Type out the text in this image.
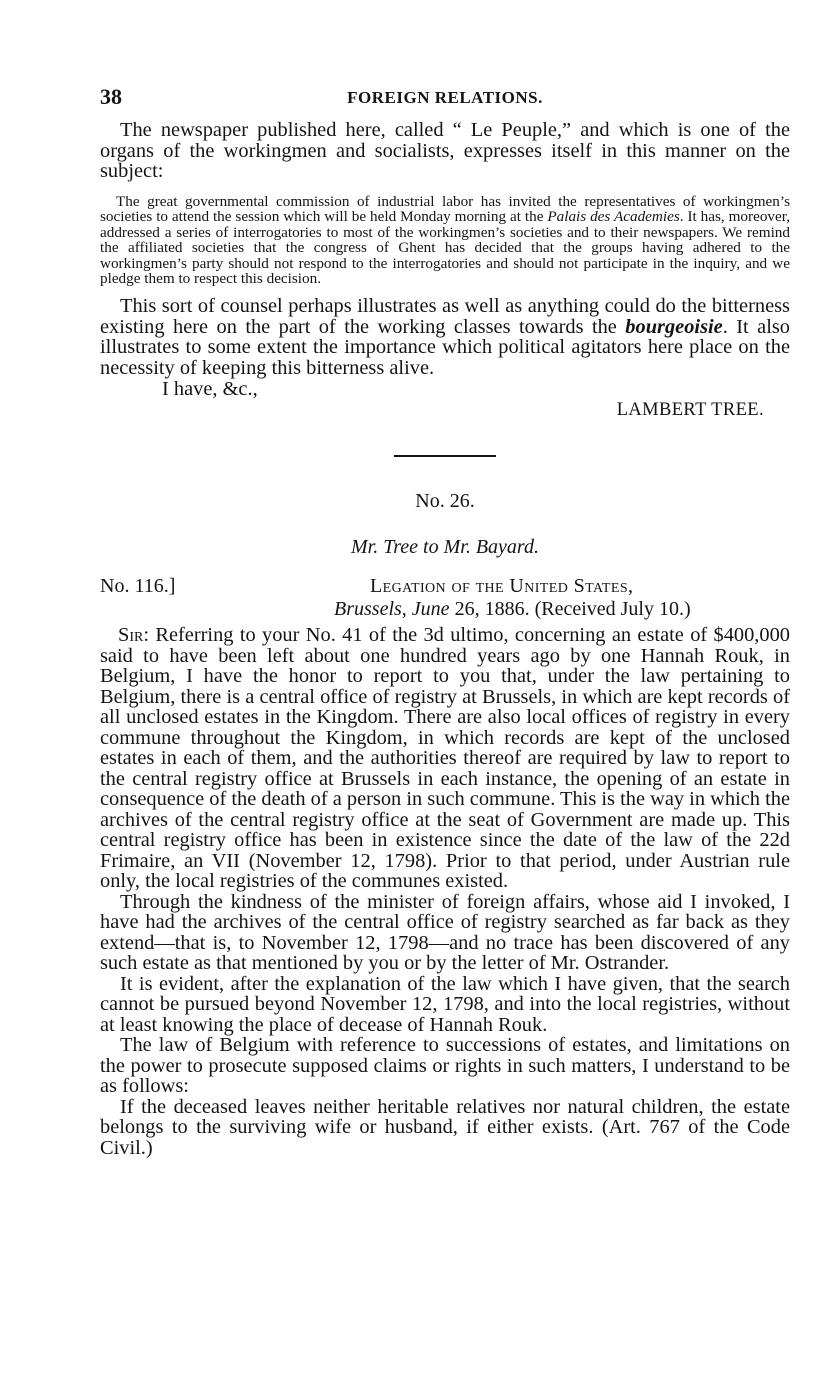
38	FOREIGN RELATIONS.

The newspaper published here, called “ Le Peuple,” and which is one of the organs of the workingmen and socialists, expresses itself in this manner on the subject:

The great governmental commission of industrial labor has invited the representatives of workingmen’s societies to attend the session which will be held Monday morning at the Palais des Academies. It has, moreover, addressed a series of interrogatories to most of the workingmen’s societies and to their newspapers. We remind the affiliated societies that the congress of Ghent has decided that the groups having adhered to the workingmen’s party should not respond to the interrogatories and should not participate in the inquiry, and we pledge them to respect this decision.

This sort of counsel perhaps illustrates as well as anything could do the bitterness existing here on the part of the working classes towards the bourgeoisie. It also illustrates to some extent the importance which political agitators here place on the necessity of keeping this bitterness alive.

I have, &c.,

LAMBERT TREE.

No. 26.

Mr. Tree to Mr. Bayard.

No. 116.]	Legation of the United States,
Brussels, June 26, 1886. (Received July 10.)

Sir: Referring to your No. 41 of the 3d ultimo, concerning an estate of $400,000 said to have been left about one hundred years ago by one Hannah Rouk, in Belgium, I have the honor to report to you that, under the law pertaining to Belgium, there is a central office of registry at Brussels, in which are kept records of all unclosed estates in the Kingdom. There are also local offices of registry in every commune throughout the Kingdom, in which records are kept of the unclosed estates in each of them, and the authorities thereof are required by law to report to the central registry office at Brussels in each instance, the opening of an estate in consequence of the death of a person in such commune. This is the way in which the archives of the central registry office at the seat of Government are made up. This central registry office has been in existence since the date of the law of the 22d Frimaire, an VII (November 12, 1798). Prior to that period, under Austrian rule only, the local registries of the communes existed.

Through the kindness of the minister of foreign affairs, whose aid I invoked, I have had the archives of the central office of registry searched as far back as they extend—that is, to November 12, 1798—and no trace has been discovered of any such estate as that mentioned by you or by the letter of Mr. Ostrander.

It is evident, after the explanation of the law which I have given, that the search cannot be pursued beyond November 12, 1798, and into the local registries, without at least knowing the place of decease of Hannah Rouk.

The law of Belgium with reference to successions of estates, and limitations on the power to prosecute supposed claims or rights in such matters, I understand to be as follows:

If the deceased leaves neither heritable relatives nor natural children, the estate belongs to the surviving wife or husband, if either exists. (Art. 767 of the Code Civil.)
